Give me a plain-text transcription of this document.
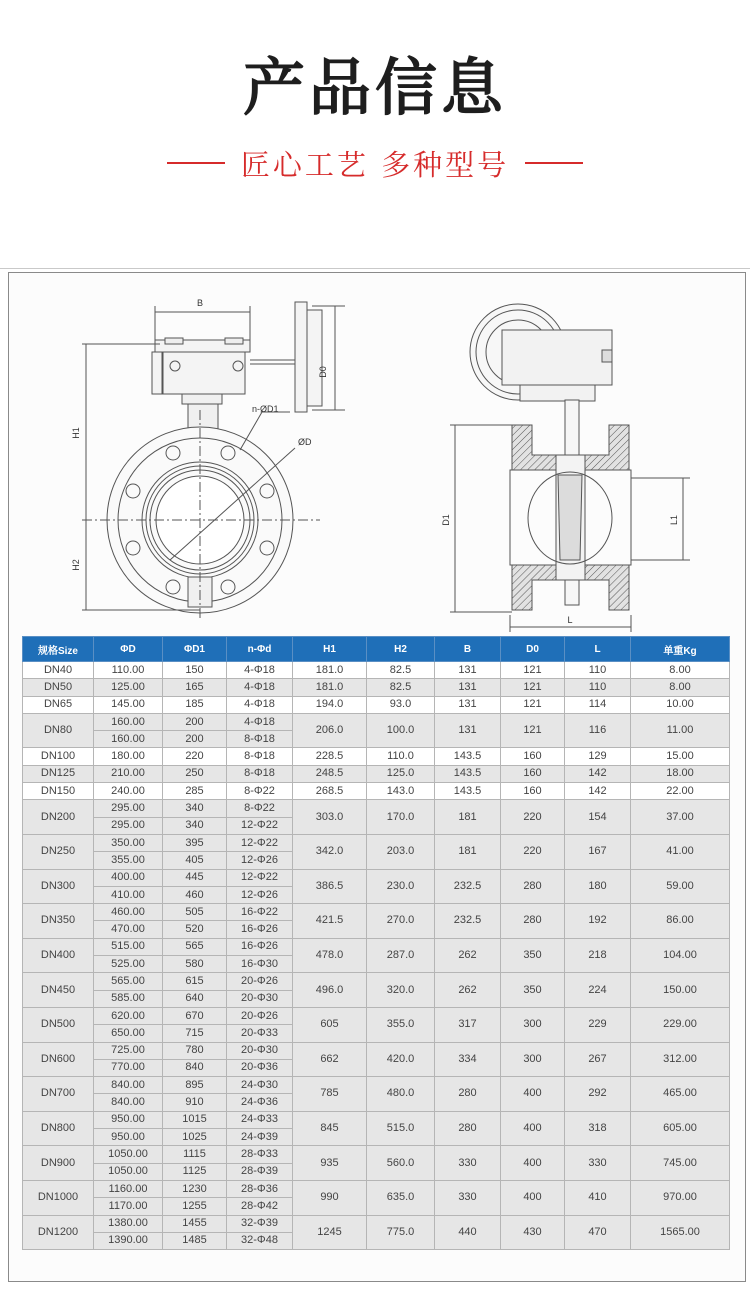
产品信息
匠心工艺 多种型号
B
D0
H1
H2
n-ØD1
ØD
D1	L1
L
规格Size	ΦD	ΦD1	n-Φd	H1	H2	B	D0	L	单重Kg
DN40	110.00	150	4-Φ18	181.0	82.5	131	121	110	8.00
DN50	125.00	165	4-Φ18	181.0	82.5	131	121	110	8.00
DN65	145.00	185	4-Φ18	194.0	93.0	131	121	114	10.00
DN80	160.00	200	4-Φ18	206.0	100.0	131	121	116	11.00
	160.00	200	8-Φ18						
DN100	180.00	220	8-Φ18	228.5	110.0	143.5	160	129	15.00
DN125	210.00	250	8-Φ18	248.5	125.0	143.5	160	142	18.00
DN150	240.00	285	8-Φ22	268.5	143.0	143.5	160	142	22.00
DN200	295.00	340	8-Φ22	303.0	170.0	181	220	154	37.00
	295.00	340	12-Φ22						
DN250	350.00	395	12-Φ22	342.0	203.0	181	220	167	41.00
	355.00	405	12-Φ26						
DN300	400.00	445	12-Φ22	386.5	230.0	232.5	280	180	59.00
	410.00	460	12-Φ26						
DN350	460.00	505	16-Φ22	421.5	270.0	232.5	280	192	86.00
	470.00	520	16-Φ26						
DN400	515.00	565	16-Φ26	478.0	287.0	262	350	218	104.00
	525.00	580	16-Φ30						
DN450	565.00	615	20-Φ26	496.0	320.0	262	350	224	150.00
	585.00	640	20-Φ30						
DN500	620.00	670	20-Φ26	605	355.0	317	300	229	229.00
	650.00	715	20-Φ33						
DN600	725.00	780	20-Φ30	662	420.0	334	300	267	312.00
	770.00	840	20-Φ36						
DN700	840.00	895	24-Φ30	785	480.0	280	400	292	465.00
	840.00	910	24-Φ36						
DN800	950.00	1015	24-Φ33	845	515.0	280	400	318	605.00
	950.00	1025	24-Φ39						
DN900	1050.00	1115	28-Φ33	935	560.0	330	400	330	745.00
	1050.00	1125	28-Φ39						
DN1000	1160.00	1230	28-Φ36	990	635.0	330	400	410	970.00
	1170.00	1255	28-Φ42						
DN1200	1380.00	1455	32-Φ39	1245	775.0	440	430	470	1565.00
	1390.00	1485	32-Φ48						
